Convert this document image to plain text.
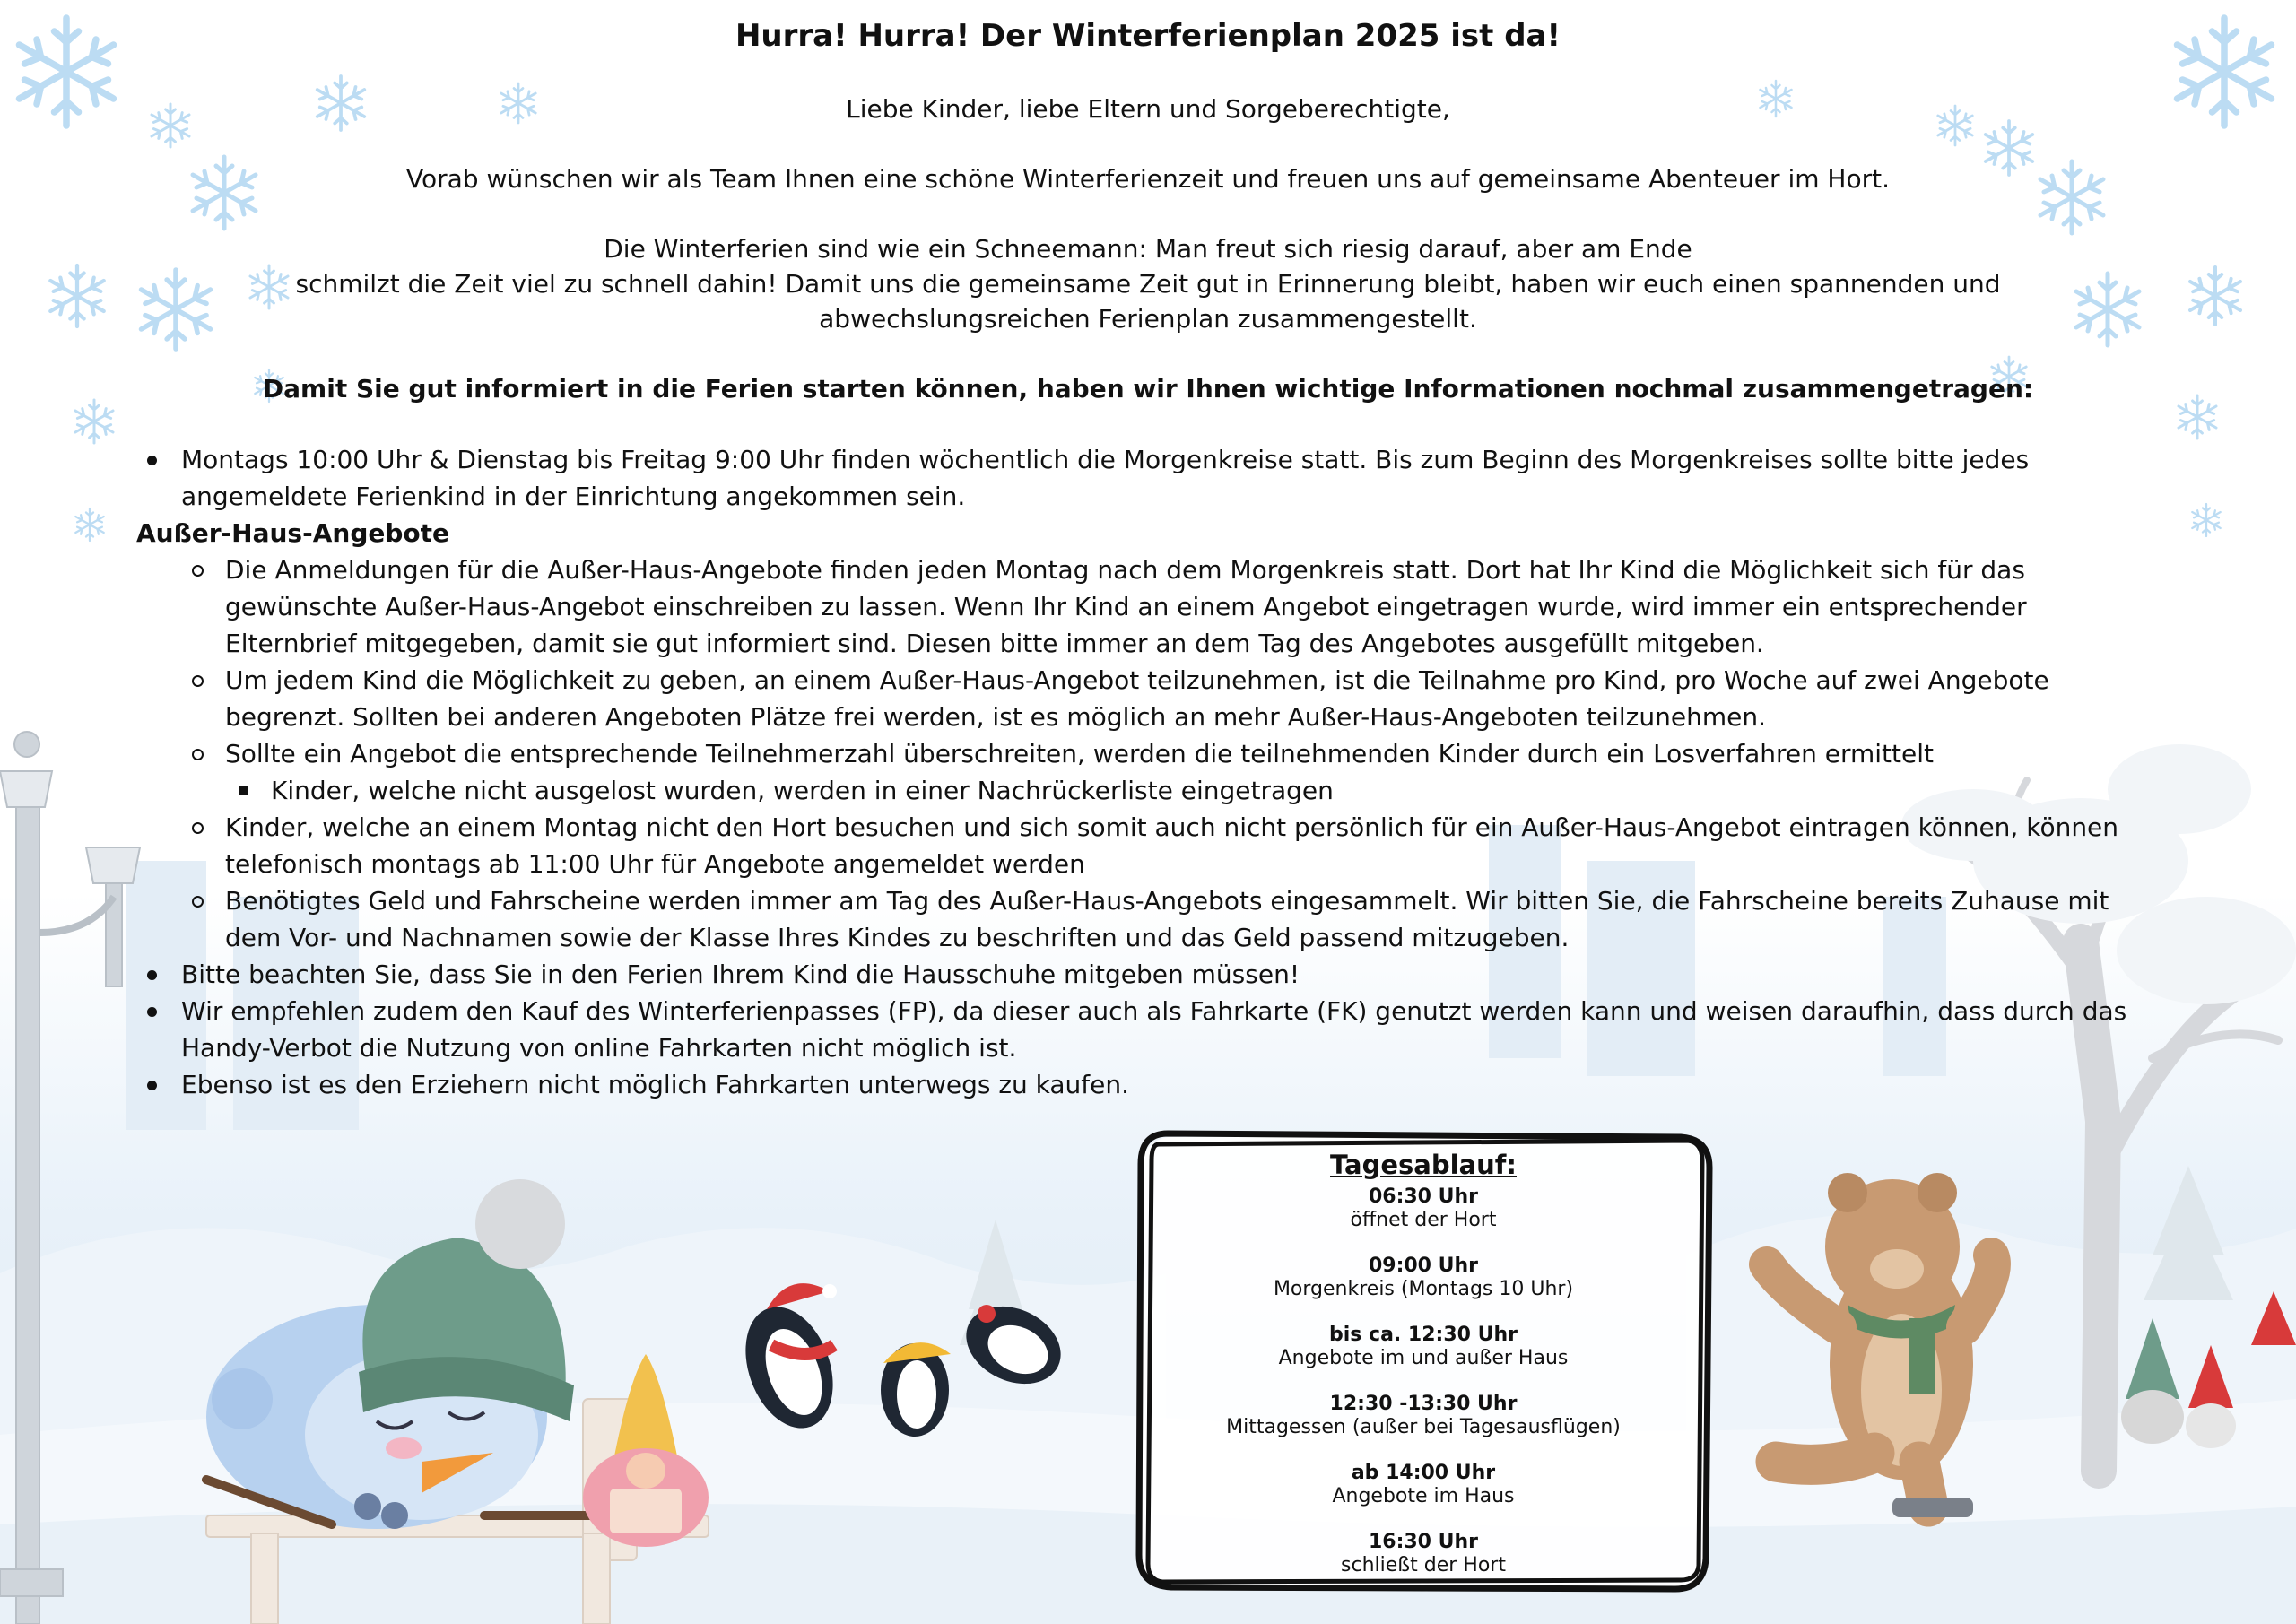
Hurra! Hurra! Der Winterferienplan 2025 ist da!
Liebe Kinder, liebe Eltern und Sorgeberechtigte,
Vorab wünschen wir als Team Ihnen eine schöne Winterferienzeit und freuen uns auf gemeinsame Abenteuer im Hort.
Die Winterferien sind wie ein Schneemann: Man freut sich riesig darauf, aber am Ende
schmilzt die Zeit viel zu schnell dahin! Damit uns die gemeinsame Zeit gut in Erinnerung bleibt, haben wir euch einen spannenden und
abwechslungsreichen Ferienplan zusammengestellt.
Damit Sie gut informiert in die Ferien starten können, haben wir Ihnen wichtige Informationen nochmal zusammengetragen:
Montags 10:00 Uhr & Dienstag bis Freitag 9:00 Uhr finden wöchentlich die Morgenkreise statt. Bis zum Beginn des Morgenkreises sollte bitte jedes angemeldete Ferienkind in der Einrichtung angekommen sein.
Außer-Haus-Angebote
Die Anmeldungen für die Außer-Haus-Angebote finden jeden Montag nach dem Morgenkreis statt. Dort hat Ihr Kind die Möglichkeit sich für das gewünschte Außer-Haus-Angebot einschreiben zu lassen. Wenn Ihr Kind an einem Angebot eingetragen wurde, wird immer ein entsprechender Elternbrief mitgegeben, damit sie gut informiert sind. Diesen bitte immer an dem Tag des Angebotes ausgefüllt mitgeben.
Um jedem Kind die Möglichkeit zu geben, an einem Außer-Haus-Angebot teilzunehmen, ist die Teilnahme pro Kind, pro Woche auf zwei Angebote begrenzt. Sollten bei anderen Angeboten Plätze frei werden, ist es möglich an mehr Außer-Haus-Angeboten teilzunehmen.
Sollte ein Angebot die entsprechende Teilnehmerzahl überschreiten, werden die teilnehmenden Kinder durch ein Losverfahren ermittelt
Kinder, welche nicht ausgelost wurden, werden in einer Nachrückerliste eingetragen
Kinder, welche an einem Montag nicht den Hort besuchen und sich somit auch nicht persönlich für ein Außer-Haus-Angebot eintragen können, können telefonisch montags ab 11:00 Uhr für Angebote angemeldet werden
Benötigtes Geld und Fahrscheine werden immer am Tag des Außer-Haus-Angebots eingesammelt. Wir bitten Sie, die Fahrscheine bereits Zuhause mit dem Vor- und Nachnamen sowie der Klasse Ihres Kindes zu beschriften und das Geld passend mitzugeben.
Bitte beachten Sie, dass Sie in den Ferien Ihrem Kind die Hausschuhe mitgeben müssen!
Wir empfehlen zudem den Kauf des Winterferienpasses (FP), da dieser auch als Fahrkarte (FK) genutzt werden kann und weisen daraufhin, dass durch das Handy-Verbot die Nutzung von online Fahrkarten nicht möglich ist.
Ebenso ist es den Erziehern nicht möglich Fahrkarten unterwegs zu kaufen.
Tagesablauf:
06:30 Uhr
öffnet der Hort
09:00 Uhr
Morgenkreis (Montags 10 Uhr)
bis ca. 12:30 Uhr
Angebote im und außer Haus
12:30 -13:30 Uhr
Mittagessen (außer bei Tagesausflügen)
ab 14:00 Uhr
Angebote im Haus
16:30 Uhr
schließt der Hort
